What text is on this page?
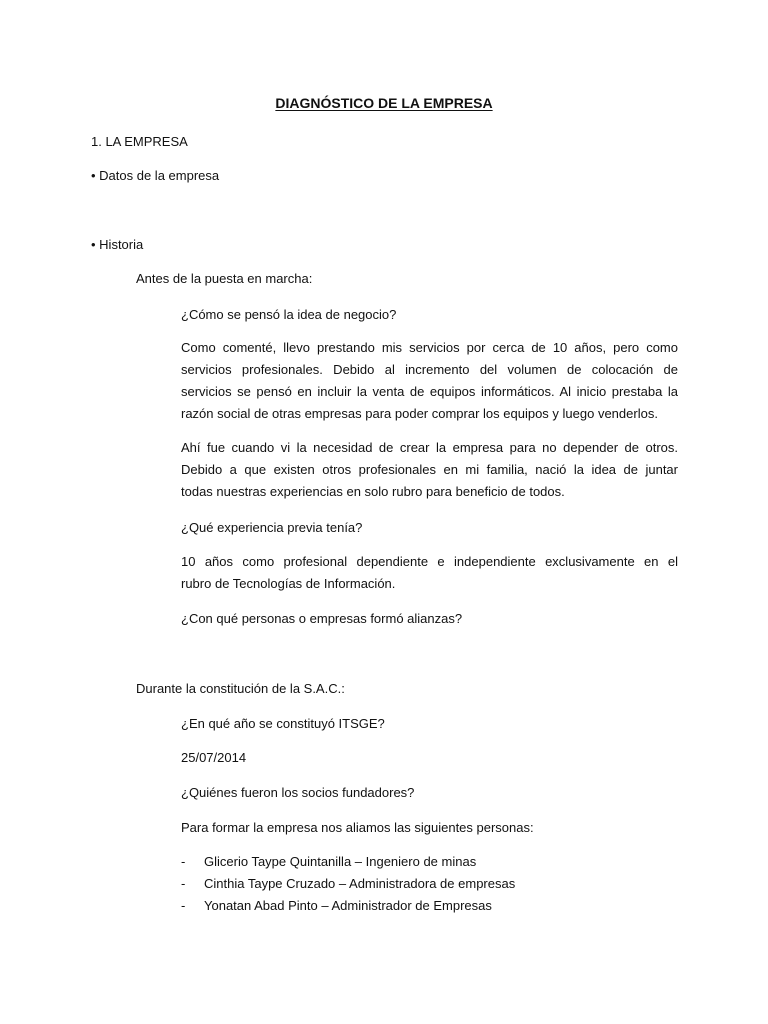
DIAGNÓSTICO DE LA EMPRESA
1. LA EMPRESA
• Datos de la empresa
• Historia
Antes de la puesta en marcha:
¿Cómo se pensó la idea de negocio?
Como comenté, llevo prestando mis servicios por cerca de 10 años, pero como
servicios profesionales. Debido al incremento del volumen de colocación de
servicios se pensó en incluir la venta de equipos informáticos. Al inicio prestaba la
razón social de otras empresas para poder comprar los equipos y luego venderlos.
Ahí fue cuando vi la necesidad de crear la empresa para no depender de otros.
Debido a que existen otros profesionales en mi familia, nació la idea de juntar
todas nuestras experiencias en solo rubro para beneficio de todos.
¿Qué experiencia previa tenía?
10 años como profesional dependiente e independiente exclusivamente en el
rubro de Tecnologías de Información.
¿Con qué personas o empresas formó alianzas?
Durante la constitución de la S.A.C.:
¿En qué año se constituyó ITSGE?
25/07/2014
¿Quiénes fueron los socios fundadores?
Para formar la empresa nos aliamos las siguientes personas:
- Glicerio Taype Quintanilla – Ingeniero de minas
- Cinthia Taype Cruzado – Administradora de empresas
- Yonatan Abad Pinto – Administrador de Empresas
